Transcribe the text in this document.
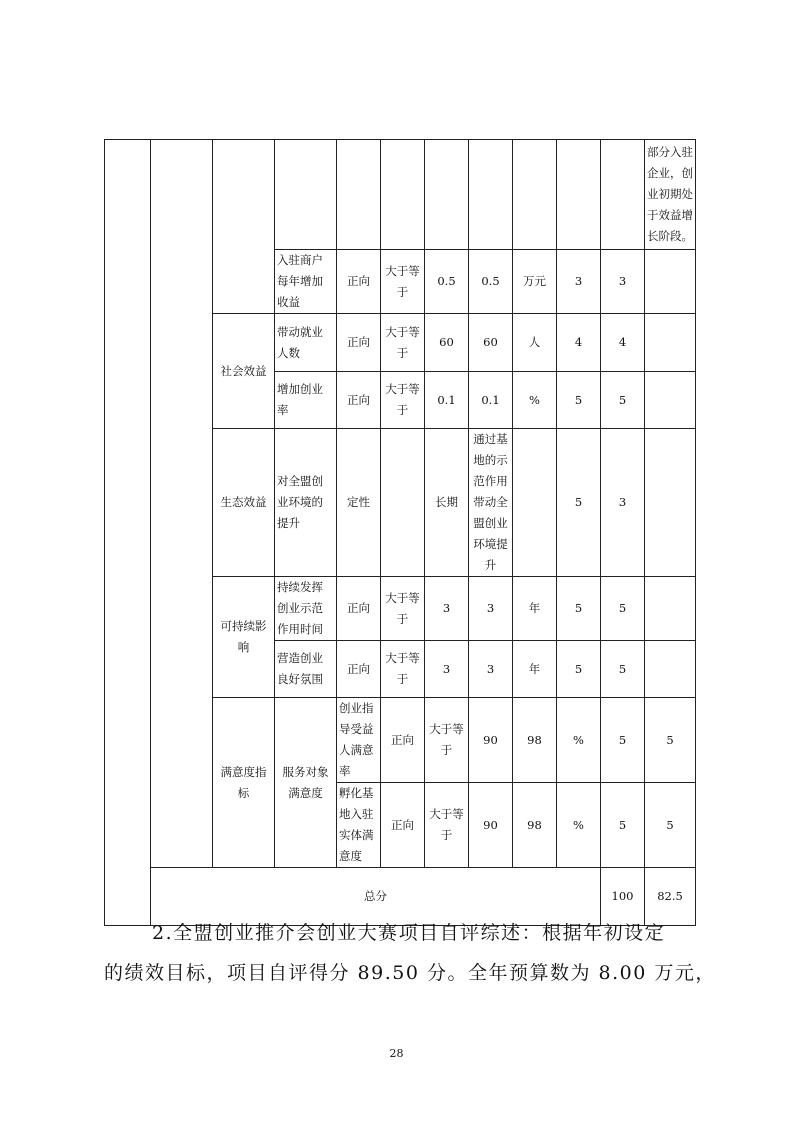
											部分入驻企业，创业初期处于效益增长阶段。	
			入驻商户每年增加收益	正向	大于等于	0.5	0.5	万元	3	3		
		社会效益	带动就业人数	正向	大于等于	60	60	人	4	4		
			增加创业率	正向	大于等于	0.1	0.1	%	5	5		
		生态效益	对全盟创业环境的提升	定性		长期	通过基地的示范作用带动全盟创业环境提升		5	3		
		可持续影响	持续发挥创业示范作用时间	正向	大于等于	3	3	年	5	5		
			营造创业良好氛围	正向	大于等于	3	3	年	5	5		
		满意度指标	服务对象满意度	创业指导受益人满意率	正向	大于等于	90	98	%	5	5	
				孵化基地入驻实体满意度	正向	大于等于	90	98	%	5	5	
	总分									100	82.5	
2.全盟创业推介会创业大赛项目自评综述：根据年初设定
的绩效目标，项目自评得分 89.50 分。全年预算数为 8.00 万元，
28
